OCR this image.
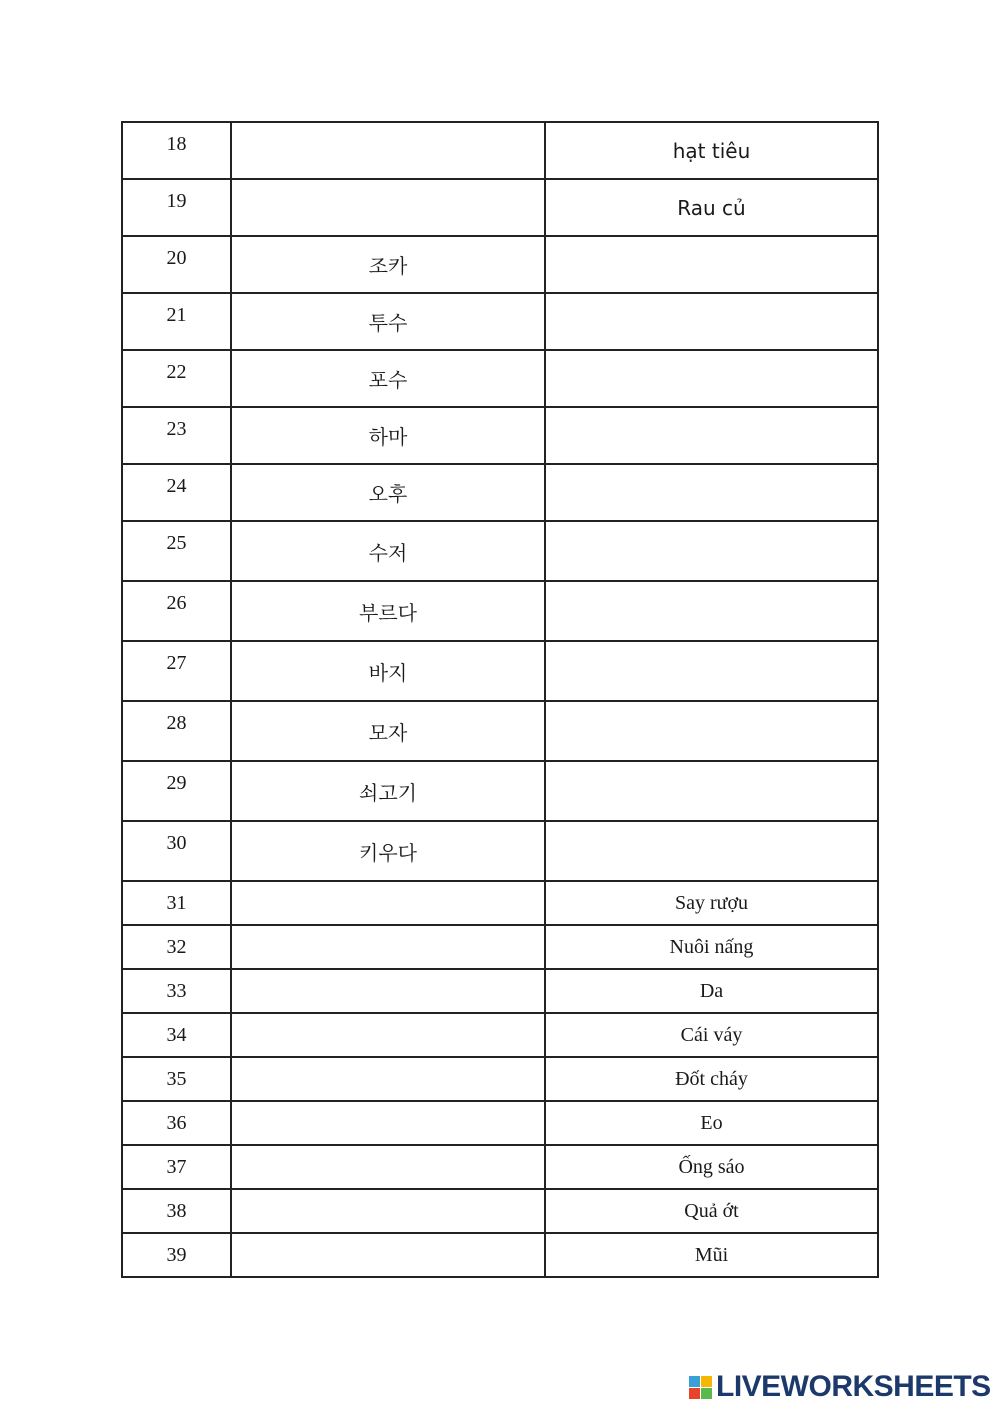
18		hạt tiêu
19		Rau củ
20	조카	
21	투수	
22	포수	
23	하마	
24	오후	
25	수저	
26	부르다	
27	바지	
28	모자	
29	쇠고기	
30	키우다	
31		Say rượu
32		Nuôi nấng
33		Da
34		Cái váy
35		Đốt cháy
36		Eo
37		Ống sáo
38		Quả ớt
39		Mũi
LIVEWORKSHEETS
